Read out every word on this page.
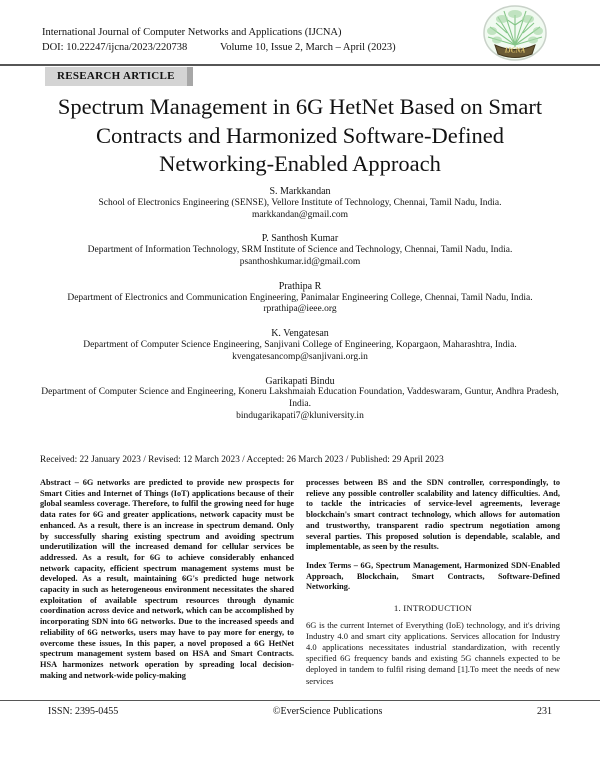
International Journal of Computer Networks and Applications (IJCNA)
DOI: 10.22247/ijcna/2023/220738	Volume 10, Issue 2, March – April (2023)	IJCNA
RESEARCH ARTICLE
Spectrum Management in 6G HetNet Based on Smart Contracts and Harmonized Software-Defined Networking-Enabled Approach
S. Markkandan
School of Electronics Engineering (SENSE), Vellore Institute of Technology, Chennai, Tamil Nadu, India.
markkandan@gmail.com
P. Santhosh Kumar
Department of Information Technology, SRM Institute of Science and Technology, Chennai, Tamil Nadu, India.
psanthoshkumar.id@gmail.com
Prathipa R
Department of Electronics and Communication Engineering, Panimalar Engineering College, Chennai, Tamil Nadu, India.
rprathipa@ieee.org
K. Vengatesan
Department of Computer Science Engineering, Sanjivani College of Engineering, Kopargaon, Maharashtra, India.
kvengatesancomp@sanjivani.org.in
Garikapati Bindu
Department of Computer Science and Engineering, Koneru Lakshmaiah Education Foundation, Vaddeswaram, Guntur, Andhra Pradesh, India.
bindugarikapati7@kluniversity.in
Received: 22 January 2023 / Revised: 12 March 2023 / Accepted: 26 March 2023 / Published: 29 April 2023
Abstract – 6G networks are predicted to provide new prospects for Smart Cities and Internet of Things (IoT) applications because of their global seamless coverage. Therefore, to fulfil the growing need for huge data rates for 6G and greater applications, network capacity must be enhanced. As a result, there is an increase in spectrum demand. Only by successfully sharing existing spectrum and avoiding spectrum underutilization will the increased demand for cellular services be addressed. As a result, for 6G to achieve considerably enhanced network capacity, efficient spectrum management systems must be developed. As a result, maintaining 6G's predicted huge network capacity in such as heterogeneous environment necessitates the shared exploitation of available spectrum resources through dynamic coordination across device and network, which can be accomplished by incorporating SDN into 6G networks. Due to the increased speeds and reliability of 6G networks, users may have to pay more for energy, to overcome these issues, In this paper, a novel proposed a 6G HetNet spectrum management system based on HSA and Smart Contracts. HSA harmonizes network operation by spreading local decision-making and network-wide policy-making
processes between BS and the SDN controller, correspondingly, to relieve any possible controller scalability and latency difficulties. And, to tackle the intricacies of service-level agreements, leverage blockchain's smart contract technology, which allows for automation and trustworthy, transparent radio spectrum negotiation among several parties. This proposed solution is dependable, scalable, and implementable, as seen by the results.
Index Terms – 6G, Spectrum Management, Harmonized SDN-Enabled Approach, Blockchain, Smart Contracts, Software-Defined Networking.
1. INTRODUCTION
6G is the current Internet of Everything (IoE) technology, and it's driving Industry 4.0 and smart city applications. Services allocation for Industry 4.0 applications necessitates industrial standardization, with recently specified 6G frequency bands and existing 5G channels expected to be deployed in tandem to fulfil rising demand [1].To meet the needs of new services
ISSN: 2395-0455	©EverScience Publications	231
